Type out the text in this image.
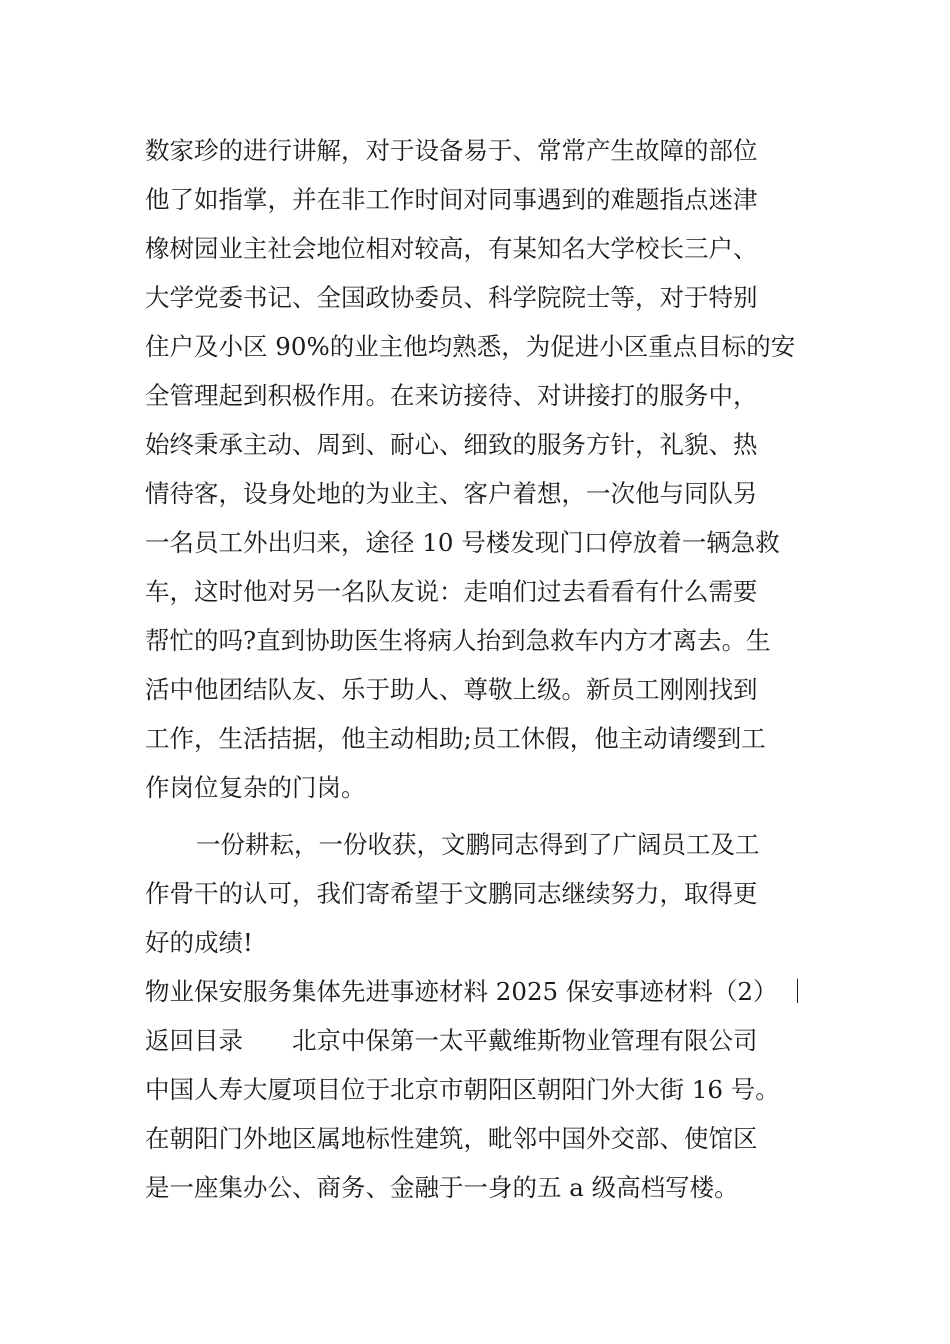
数家珍的进行讲解，对于设备易于、常常产生故障的部位
他了如指掌，并在非工作时间对同事遇到的难题指点迷津
橡树园业主社会地位相对较高，有某知名大学校长三户、
大学党委书记、全国政协委员、科学院院士等，对于特别
住户及小区 90%的业主他均熟悉，为促进小区重点目标的安
全管理起到积极作用。在来访接待、对讲接打的服务中，
始终秉承主动、周到、耐心、细致的服务方针，礼貌、热
情待客，设身处地的为业主、客户着想，一次他与同队另
一名员工外出归来，途径 10 号楼发现门口停放着一辆急救
车，这时他对另一名队友说：走咱们过去看看有什么需要
帮忙的吗?直到协助医生将病人抬到急救车内方才离去。生
活中他团结队友、乐于助人、尊敬上级。新员工刚刚找到
工作，生活拮据，他主动相助;员工休假，他主动请缨到工
作岗位复杂的门岗。
一份耕耘，一份收获，文鹏同志得到了广阔员工及工
作骨干的认可，我们寄希望于文鹏同志继续努力，取得更
好的成绩!
物业保安服务集体先进事迹材料 2025 保安事迹材料（2） ｜
返回目录　　北京中保第一太平戴维斯物业管理有限公司
中国人寿大厦项目位于北京市朝阳区朝阳门外大街 16 号。
在朝阳门外地区属地标性建筑，毗邻中国外交部、使馆区
是一座集办公、商务、金融于一身的五 a 级高档写楼。
